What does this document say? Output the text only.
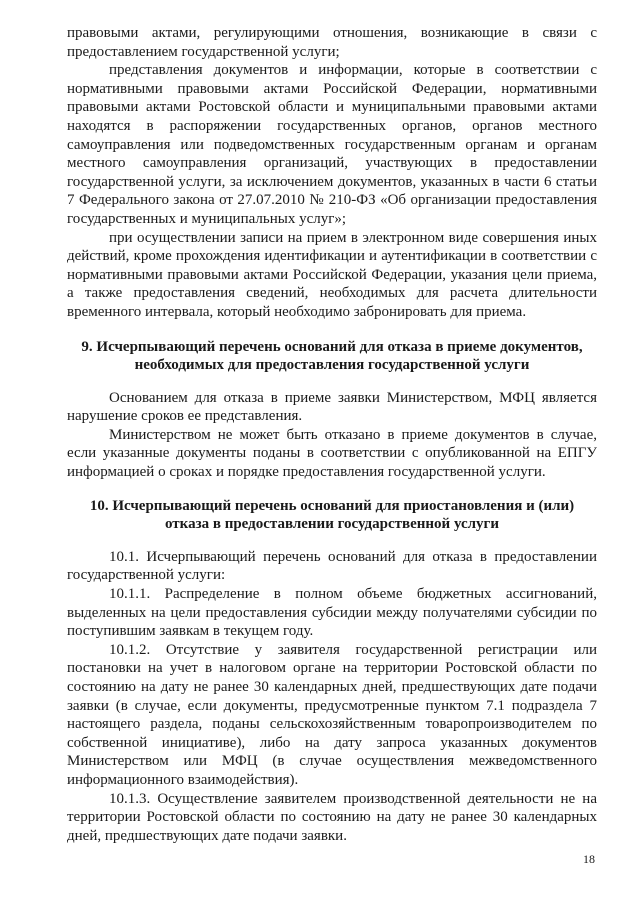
правовыми актами, регулирующими отношения, возникающие в связи с предоставлением государственной услуги;

представления документов и информации, которые в соответствии с нормативными правовыми актами Российской Федерации, нормативными правовыми актами Ростовской области и муниципальными правовыми актами находятся в распоряжении государственных органов, органов местного самоуправления или подведомственных государственным органам и органам местного самоуправления организаций, участвующих в предоставлении государственной услуги, за исключением документов, указанных в части 6 статьи 7 Федерального закона от 27.07.2010 № 210-ФЗ «Об организации предоставления государственных и муниципальных услуг»;

при осуществлении записи на прием в электронном виде совершения иных действий, кроме прохождения идентификации и аутентификации в соответствии с нормативными правовыми актами Российской Федерации, указания цели приема, а также предоставления сведений, необходимых для расчета длительности временного интервала, который необходимо забронировать для приема.

9. Исчерпывающий перечень оснований для отказа в приеме документов,
необходимых для предоставления государственной услуги

Основанием для отказа в приеме заявки Министерством, МФЦ является нарушение сроков ее представления.

Министерством не может быть отказано в приеме документов в случае, если указанные документы поданы в соответствии с опубликованной на ЕПГУ информацией о сроках и порядке предоставления государственной услуги.

10. Исчерпывающий перечень оснований для приостановления и (или)
отказа в предоставлении государственной услуги

10.1. Исчерпывающий перечень оснований для отказа в предоставлении государственной услуги:

10.1.1. Распределение в полном объеме бюджетных ассигнований, выделенных на цели предоставления субсидии между получателями субсидии по поступившим заявкам в текущем году.

10.1.2. Отсутствие у заявителя государственной регистрации или постановки на учет в налоговом органе на территории Ростовской области по состоянию на дату не ранее 30 календарных дней, предшествующих дате подачи заявки (в случае, если документы, предусмотренные пунктом 7.1 подраздела 7 настоящего раздела, поданы сельскохозяйственным товаропроизводителем по собственной инициативе), либо на дату запроса указанных документов Министерством или МФЦ (в случае осуществления межведомственного информационного взаимодействия).

10.1.3. Осуществление заявителем производственной деятельности не на территории Ростовской области по состоянию на дату не ранее 30 календарных дней, предшествующих дате подачи заявки.

18
